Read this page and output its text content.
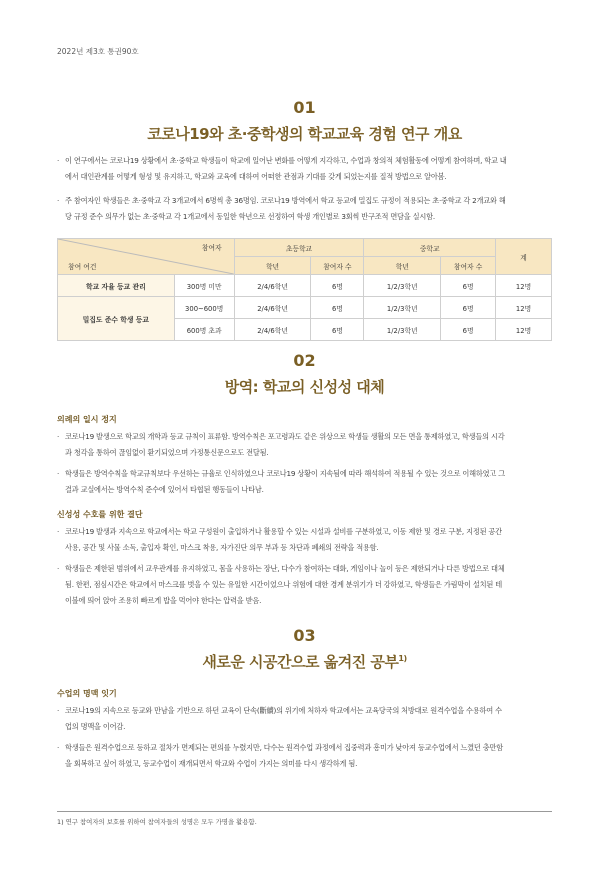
2022년 제3호 통권90호
01
코로나19와 초·중학생의 학교교육 경험 연구 개요
· 이 연구에서는 코로나19 상황에서 초·중학교 학생들이 학교에 일어난 변화를 어떻게 지각하고, 수업과 창의적 체험활동에 어떻게 참여하며, 학교 내
에서 대인관계를 어떻게 형성 및 유지하고, 학교와 교육에 대하여 어떠한 관점과 기대를 갖게 되었는지를 질적 방법으로 알아봄.
· 주 참여자인 학생들은 초·중학교 각 3개교에서 6명씩 총 36명임. 코로나19 방역에서 학교 등교에 밀집도 규정이 적용되는 초·중학교 각 2개교와 해
당 규정 준수 의무가 없는 초·중학교 각 1개교에서 동일한 학년으로 선정하여 학생 개인별로 3회씩 반구조적 면담을 실시함.
참여자
참여 여건		초등학교		중학교		계
		학년	참여자 수	학년	참여자 수	
학교 자율 등교 관리	300명 미만	2/4/6학년	6명	1/2/3학년	6명	12명
밀집도 준수 학생 등교	300~600명	2/4/6학년	6명	1/2/3학년	6명	12명
	600명 초과	2/4/6학년	6명	1/2/3학년	6명	12명
02
방역: 학교의 신성성 대체
의례의 일시 정지
· 코로나19 발생으로 학교의 개학과 등교 규칙이 표류함. 방역수칙은 포고령과도 같은 위상으로 학생들 생활의 모든 면을 통제하였고, 학생들의 시각
과 청각을 통하여 끊임없이 환기되었으며 가정통신문으로도 전달됨.
· 학생들은 방역수칙을 학교규칙보다 우선하는 규율로 인식하였으나 코로나19 상황이 지속됨에 따라 해석하여 적용될 수 있는 것으로 이해하였고 그
결과 교실에서는 방역수칙 준수에 있어서 타협된 행동들이 나타남.
신성성 수호를 위한 결단
· 코로나19 발생과 지속으로 학교에서는 학교 구성원이 출입하거나 활용할 수 있는 시설과 설비를 구분하였고, 이동 제한 및 경로 구분, 지정된 공간
사용, 공간 및 사물 소독, 출입자 확인, 마스크 착용, 자가진단 의무 부과 등 차단과 폐쇄의 전략을 적용함.
· 학생들은 제한된 범위에서 교우관계를 유지하였고, 몸을 사용하는 장난, 다수가 참여하는 대화, 게임이나 놀이 등은 제한되거나 다른 방법으로 대체
됨. 한편, 점심시간은 학교에서 마스크를 벗을 수 있는 유일한 시간이었으나 위험에 대한 경계 분위기가 더 강하였고, 학생들은 가림막이 설치된 테
이블에 띄어 앉아 조용히 빠르게 밥을 먹어야 한다는 압력을 받음.
03
새로운 시공간으로 옮겨진 공부$^{1)}$
수업의 명맥 잇기
· 코로나19의 지속으로 등교와 만남을 기반으로 하던 교육이 단속(斷續)의 위기에 처하자 학교에서는 교육당국의 처방대로 원격수업을 수용하여 수
업의 명맥을 이어감.
· 학생들은 원격수업으로 등하교 절차가 면제되는 편의를 누렸지만, 다수는 원격수업 과정에서 집중력과 흥미가 낮아져 등교수업에서 느꼈던 충만함
을 회복하고 싶어 하였고, 등교수업이 재개되면서 학교와 수업이 가지는 의미를 다시 생각하게 됨.
1) 연구 참여자의 보호를 위하여 참여자들의 성명은 모두 가명을 활용함.
